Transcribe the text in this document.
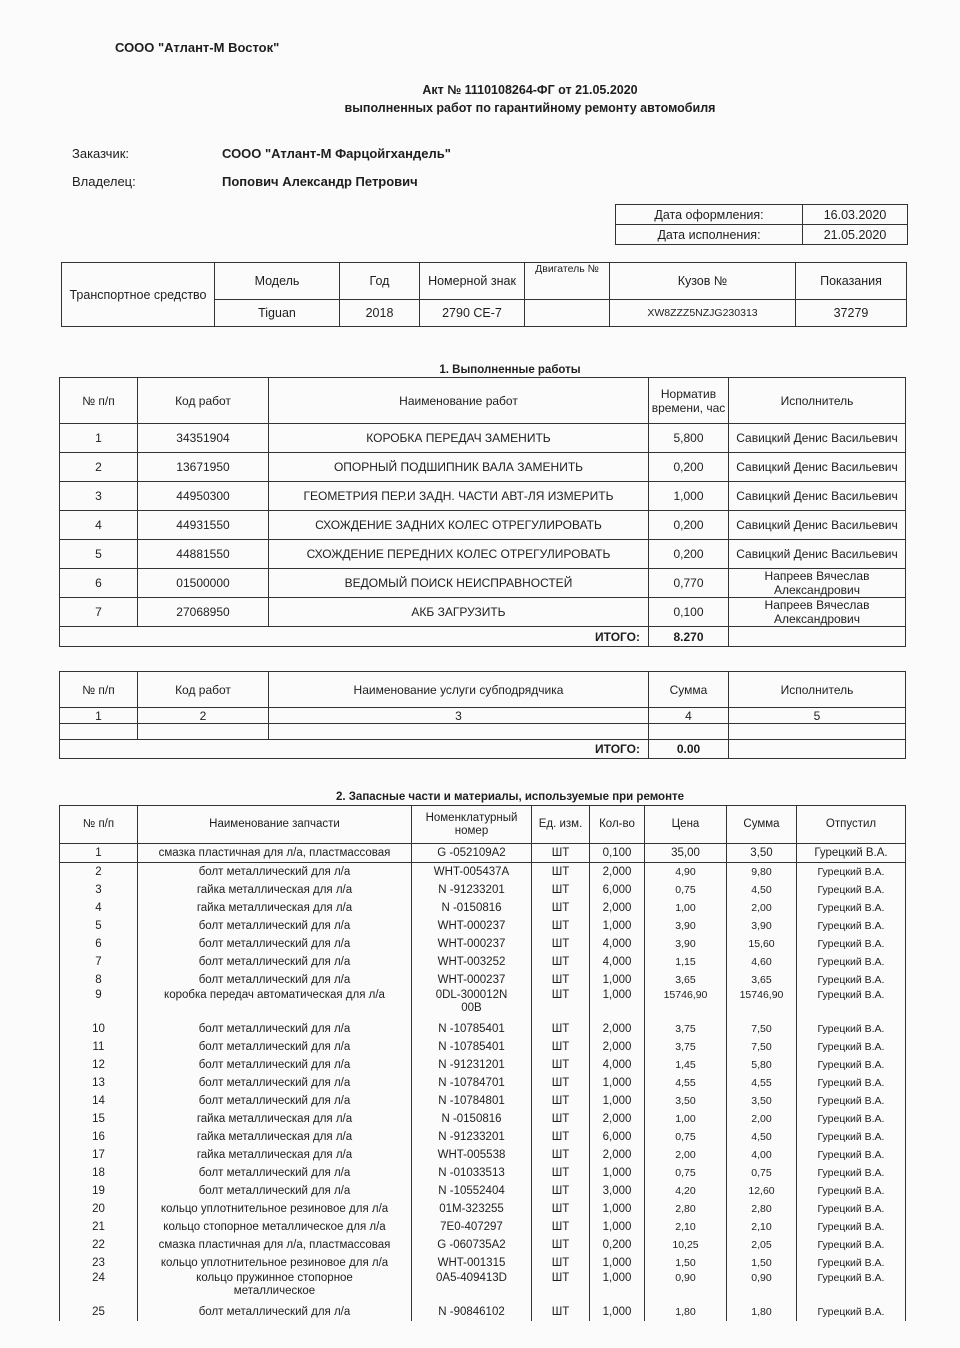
СООО "Атлант-М Восток"
Акт № 1110108264-ФГ от 21.05.2020
выполненных работ по гарантийному ремонту автомобиля
Заказчик:	СООО "Атлант-М Фарцойгхандель"
Владелец:	Попович Александр Петрович
Дата оформления:	16.03.2020
Дата исполнения:	21.05.2020
Транспортное средство	Модель	Год	Номерной знак	Двигатель №	Кузов №	Показания
	Tiguan	2018	2790 СЕ-7		XW8ZZZ5NZJG230313	37279
1. Выполненные работы
№ п/п	Код работ	Наименование работ	Норматив времени, час	Исполнитель
1	34351904	КОРОБКА ПЕРЕДАЧ ЗАМЕНИТЬ	5,800	Савицкий Денис Васильевич
2	13671950	ОПОРНЫЙ ПОДШИПНИК ВАЛА ЗАМЕНИТЬ	0,200	Савицкий Денис Васильевич
3	44950300	ГЕОМЕТРИЯ ПЕР.И ЗАДН. ЧАСТИ АВТ-ЛЯ ИЗМЕРИТЬ	1,000	Савицкий Денис Васильевич
4	44931550	СХОЖДЕНИЕ ЗАДНИХ КОЛЕС ОТРЕГУЛИРОВАТЬ	0,200	Савицкий Денис Васильевич
5	44881550	СХОЖДЕНИЕ ПЕРЕДНИХ КОЛЕС ОТРЕГУЛИРОВАТЬ	0,200	Савицкий Денис Васильевич
6	01500000	ВЕДОМЫЙ ПОИСК НЕИСПРАВНОСТЕЙ	0,770	Напреев Вячеслав Александрович
7	27068950	АКБ ЗАГРУЗИТЬ	0,100	Напреев Вячеслав Александрович
ИТОГО:			8.270	
№ п/п	Код работ	Наименование услуги субподрядчика	Сумма	Исполнитель
1	2	3	4	5

ИТОГО:			0.00	
2. Запасные части и материалы, используемые при ремонте
№ п/п	Наименование запчасти	Номенклатурный номер	Ед. изм.	Кол-во	Цена	Сумма	Отпустил
1	смазка пластичная для л/а, пластмассовая	G -052109A2	ШТ	0,100	35,00	3,50	Гурецкий В.А.
2	болт металлический для л/а	WHT-005437A	ШТ	2,000	4,90	9,80	Гурецкий В.А.
3	гайка металлическая для л/а	N -91233201	ШТ	6,000	0,75	4,50	Гурецкий В.А.
4	гайка металлическая для л/а	N -0150816	ШТ	2,000	1,00	2,00	Гурецкий В.А.
5	болт металлический для л/а	WHT-000237	ШТ	1,000	3,90	3,90	Гурецкий В.А.
6	болт металлический для л/а	WHT-000237	ШТ	4,000	3,90	15,60	Гурецкий В.А.
7	болт металлический для л/а	WHT-003252	ШТ	4,000	1,15	4,60	Гурецкий В.А.
8	болт металлический для л/а	WHT-000237	ШТ	1,000	3,65	3,65	Гурецкий В.А.
9	коробка передач автоматическая для л/а	0DL-300012N 00B	ШТ	1,000	15746,90	15746,90	Гурецкий В.А.
10	болт металлический для л/а	N -10785401	ШТ	2,000	3,75	7,50	Гурецкий В.А.
11	болт металлический для л/а	N -10785401	ШТ	2,000	3,75	7,50	Гурецкий В.А.
12	болт металлический для л/а	N -91231201	ШТ	4,000	1,45	5,80	Гурецкий В.А.
13	болт металлический для л/а	N -10784701	ШТ	1,000	4,55	4,55	Гурецкий В.А.
14	болт металлический для л/а	N -10784801	ШТ	1,000	3,50	3,50	Гурецкий В.А.
15	гайка металлическая для л/а	N -0150816	ШТ	2,000	1,00	2,00	Гурецкий В.А.
16	гайка металлическая для л/а	N -91233201	ШТ	6,000	0,75	4,50	Гурецкий В.А.
17	гайка металлическая для л/а	WHT-005538	ШТ	2,000	2,00	4,00	Гурецкий В.А.
18	болт металлический для л/а	N -01033513	ШТ	1,000	0,75	0,75	Гурецкий В.А.
19	болт металлический для л/а	N -10552404	ШТ	3,000	4,20	12,60	Гурецкий В.А.
20	кольцо уплотнительное резиновое для л/а	01M-323255	ШТ	1,000	2,80	2,80	Гурецкий В.А.
21	кольцо стопорное металлическое для л/а	7E0-407297	ШТ	1,000	2,10	2,10	Гурецкий В.А.
22	смазка пластичная для л/а, пластмассовая	G -060735A2	ШТ	0,200	10,25	2,05	Гурецкий В.А.
23	кольцо уплотнительное резиновое для л/а	WHT-001315	ШТ	1,000	1,50	1,50	Гурецкий В.А.
24	кольцо пружинное стопорное металлическое	0A5-409413D	ШТ	1,000	0,90	0,90	Гурецкий В.А.
25	болт металлический для л/а	N -90846102	ШТ	1,000	1,80	1,80	Гурецкий В.А.
